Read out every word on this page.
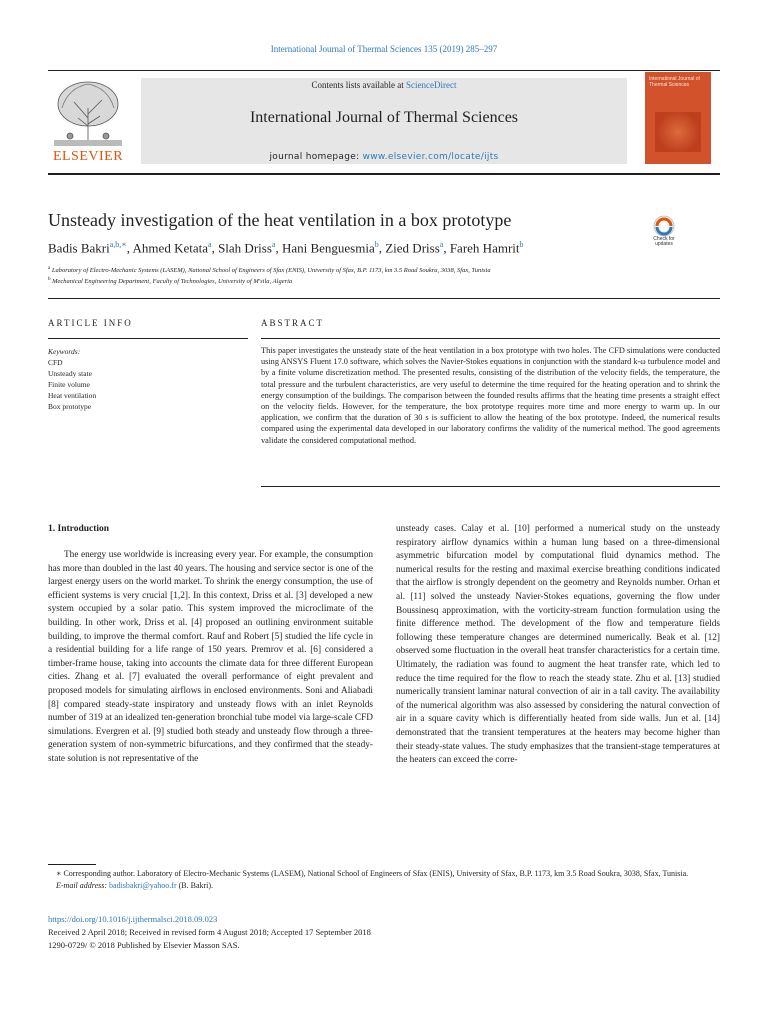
International Journal of Thermal Sciences 135 (2019) 285–297
ELSEVIER
Contents lists available at ScienceDirect
International Journal of Thermal Sciences
journal homepage: www.elsevier.com/locate/ijts
International Journal of Thermal Sciences
Unsteady investigation of the heat ventilation in a box prototype
Check for updates
Badis Bakri$^{a,b,∗}$, Ahmed Ketata$^a$, Slah Driss$^a$, Hani Benguesmia$^b$, Zied Driss$^a$, Fareh Hamrit$^b$
$^a$ Laboratory of Electro-Mechanic Systems (LASEM), National School of Engineers of Sfax (ENIS), University of Sfax, B.P. 1173, km 3.5 Road Soukra, 3038, Sfax, Tunisia
$^b$ Mechanical Engineering Department, Faculty of Technologies, University of M'sila, Algeria
ARTICLE INFO	ABSTRACT
Keywords:
CFD
Unsteady state
Finite volume
Heat ventilation
Box prototype
This paper investigates the unsteady state of the heat ventilation in a box prototype with two holes. The CFD simulations were conducted using ANSYS Fluent 17.0 software, which solves the Navier-Stokes equations in conjunction with the standard k-ω turbulence model and by a finite volume discretization method. The presented results, consisting of the distribution of the velocity fields, the temperature, the total pressure and the turbulent characteristics, are very useful to determine the time required for the heating operation and to shrink the energy consumption of the buildings. The comparison between the founded results affirms that the heating time presents a straight effect on the velocity fields. However, for the temperature, the box prototype requires more time and more energy to warm up. In our application, we confirm that the duration of 30 s is sufficient to allow the heating of the box prototype. Indeed, the numerical results compared using the experimental data developed in our laboratory confirms the validity of the numerical method. The good agreements validate the considered computational method.
1. Introduction
The energy use worldwide is increasing every year. For example, the consumption has more than doubled in the last 40 years. The housing and service sector is one of the largest energy users on the world market. To shrink the energy consumption, the use of efficient systems is very crucial [1,2]. In this context, Driss et al. [3] developed a new system occupied by a solar patio. This system improved the microclimate of the building. In other work, Driss et al. [4] proposed an outlining environment suitable building, to improve the thermal comfort. Rauf and Robert [5] studied the life cycle in a residential building for a life range of 150 years. Premrov et al. [6] considered a timber-frame house, taking into accounts the climate data for three different European cities. Zhang et al. [7] evaluated the overall performance of eight prevalent and proposed models for simulating airflows in enclosed environments. Soni and Aliabadi [8] compared steady-state inspiratory and unsteady flows with an inlet Reynolds number of 319 at an idealized ten-generation bronchial tube model via large-scale CFD simulations. Evergren et al. [9] studied both steady and unsteady flow through a three-generation system of non-symmetric bifurcations, and they confirmed that the steady-state solution is not representative of the
unsteady cases. Calay et al. [10] performed a numerical study on the unsteady respiratory airflow dynamics within a human lung based on a three-dimensional asymmetric bifurcation model by computational fluid dynamics method. The numerical results for the resting and maximal exercise breathing conditions indicated that the airflow is strongly dependent on the geometry and Reynolds number. Orhan et al. [11] solved the unsteady Navier-Stokes equations, governing the flow under Boussinesq approximation, with the vorticity-stream function formulation using the finite difference method. The development of the flow and temperature fields following these temperature changes are determined numerically. Beak et al. [12] observed some fluctuation in the overall heat transfer characteristics for a certain time. Ultimately, the radiation was found to augment the heat transfer rate, which led to reduce the time required for the flow to reach the steady state. Zhu et al. [13] studied numerically transient laminar natural convection of air in a tall cavity. The availability of the numerical algorithm was also assessed by considering the natural convection of air in a square cavity which is differentially heated from side walls. Jun et al. [14] demonstrated that the transient temperatures at the heaters may become higher than their steady-state values. The study emphasizes that the transient-stage temperatures at the heaters can exceed the corre-
∗ Corresponding author. Laboratory of Electro-Mechanic Systems (LASEM), National School of Engineers of Sfax (ENIS), University of Sfax, B.P. 1173, km 3.5 Road Soukra, 3038, Sfax, Tunisia.
E-mail address: badisbakri@yahoo.fr (B. Bakri).
https://doi.org/10.1016/j.ijthermalsci.2018.09.023
Received 2 April 2018; Received in revised form 4 August 2018; Accepted 17 September 2018
1290-0729/ © 2018 Published by Elsevier Masson SAS.
